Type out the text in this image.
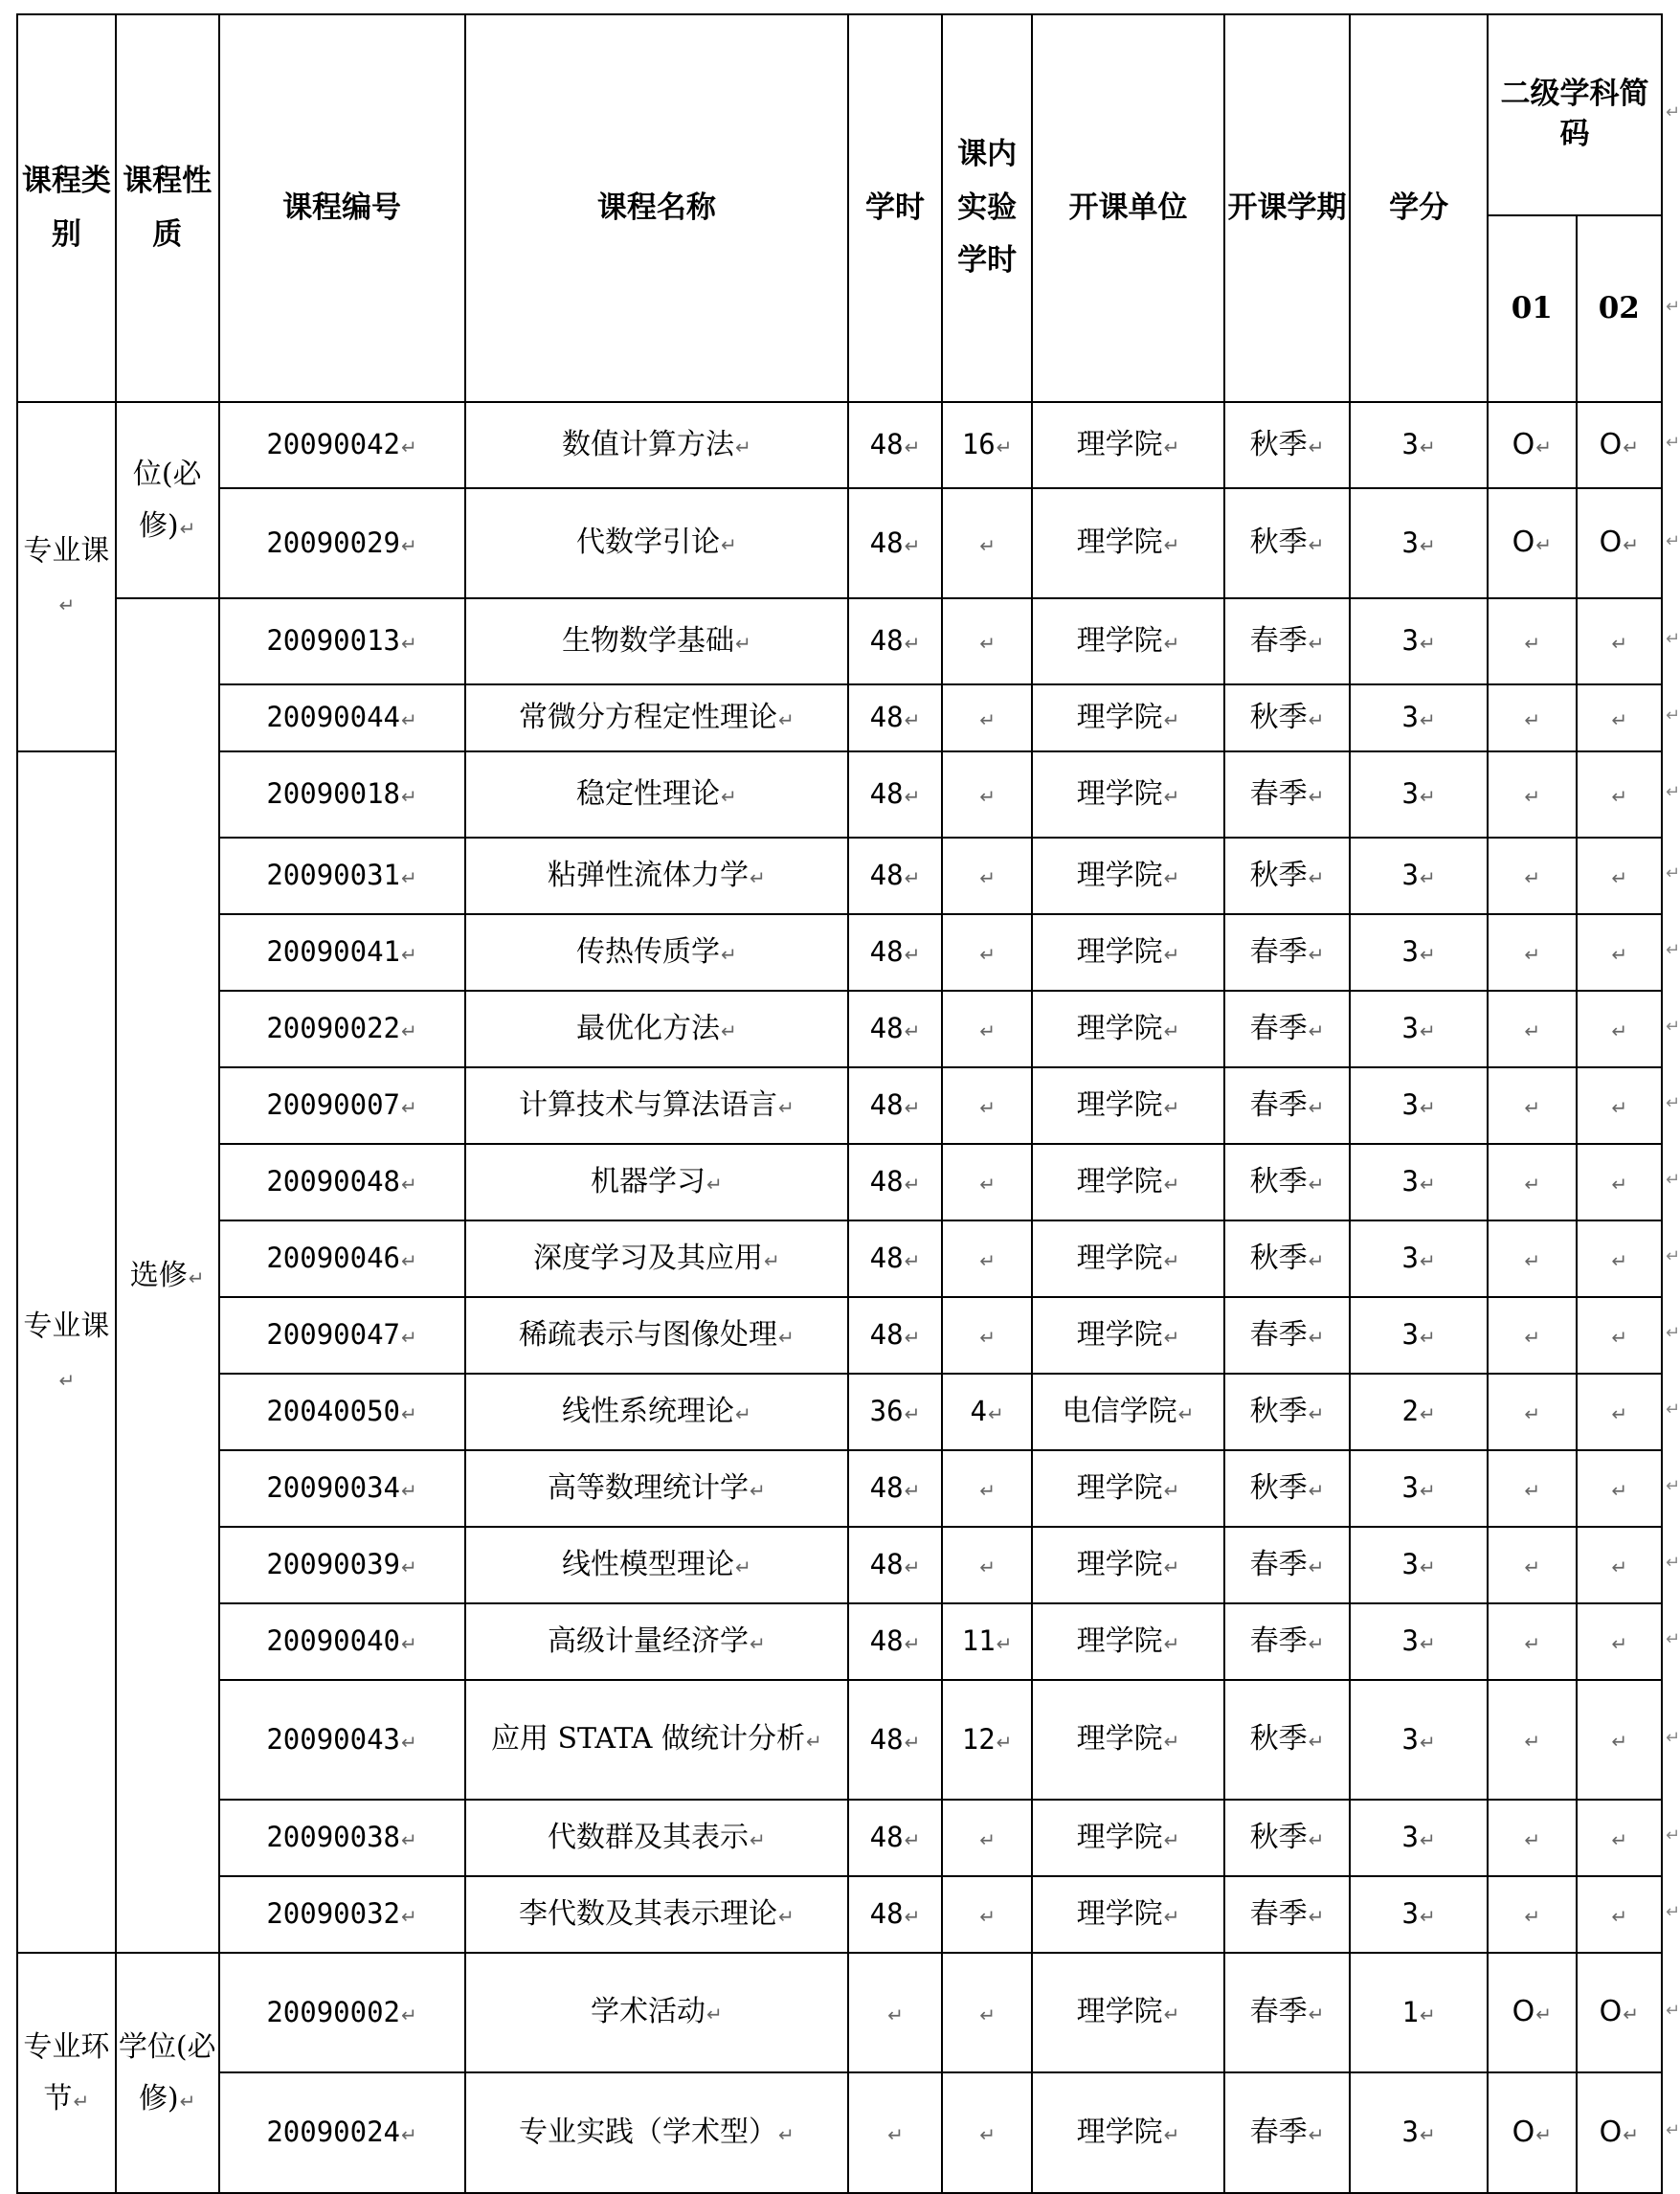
课程类别	课程性质	课程编号	课程名称	学时	课内实验学时	开课单位	开课学期	学分	二级学科简码	
									01	02
专业课↵	位(必修)↵	20090042↵	数值计算方法↵	48↵	16↵	理学院↵	秋季↵	3↵	O↵	O↵
		20090029↵	代数学引论↵	48↵	↵	理学院↵	秋季↵	3↵	O↵	O↵
	选修↵	20090013↵	生物数学基础↵	48↵	↵	理学院↵	春季↵	3↵	↵	↵
		20090044↵	常微分方程定性理论↵	48↵	↵	理学院↵	秋季↵	3↵	↵	↵
专业课↵		20090018↵	稳定性理论↵	48↵	↵	理学院↵	春季↵	3↵	↵	↵
		20090031↵	粘弹性流体力学↵	48↵	↵	理学院↵	秋季↵	3↵	↵	↵
		20090041↵	传热传质学↵	48↵	↵	理学院↵	春季↵	3↵	↵	↵
		20090022↵	最优化方法↵	48↵	↵	理学院↵	春季↵	3↵	↵	↵
		20090007↵	计算技术与算法语言↵	48↵	↵	理学院↵	春季↵	3↵	↵	↵
		20090048↵	机器学习↵	48↵	↵	理学院↵	秋季↵	3↵	↵	↵
		20090046↵	深度学习及其应用↵	48↵	↵	理学院↵	秋季↵	3↵	↵	↵
		20090047↵	稀疏表示与图像处理↵	48↵	↵	理学院↵	春季↵	3↵	↵	↵
		20040050↵	线性系统理论↵	36↵	4↵	电信学院↵	秋季↵	2↵	↵	↵
		20090034↵	高等数理统计学↵	48↵	↵	理学院↵	秋季↵	3↵	↵	↵
		20090039↵	线性模型理论↵	48↵	↵	理学院↵	春季↵	3↵	↵	↵
		20090040↵	高级计量经济学↵	48↵	11↵	理学院↵	春季↵	3↵	↵	↵
		20090043↵	应用 STATA 做统计分析↵	48↵	12↵	理学院↵	秋季↵	3↵	↵	↵
		20090038↵	代数群及其表示↵	48↵	↵	理学院↵	秋季↵	3↵	↵	↵
		20090032↵	李代数及其表示理论↵	48↵	↵	理学院↵	春季↵	3↵	↵	↵
专业环节↵	学位(必修)↵	20090002↵	学术活动↵	↵	↵	理学院↵	春季↵	1↵	O↵	O↵
		20090024↵	专业实践（学术型）↵	↵	↵	理学院↵	春季↵	3↵	O↵	O↵
↵
↵
↵
↵
↵
↵
↵
↵
↵
↵
↵
↵
↵
↵
↵
↵
↵
↵
↵
↵
↵
↵
↵
